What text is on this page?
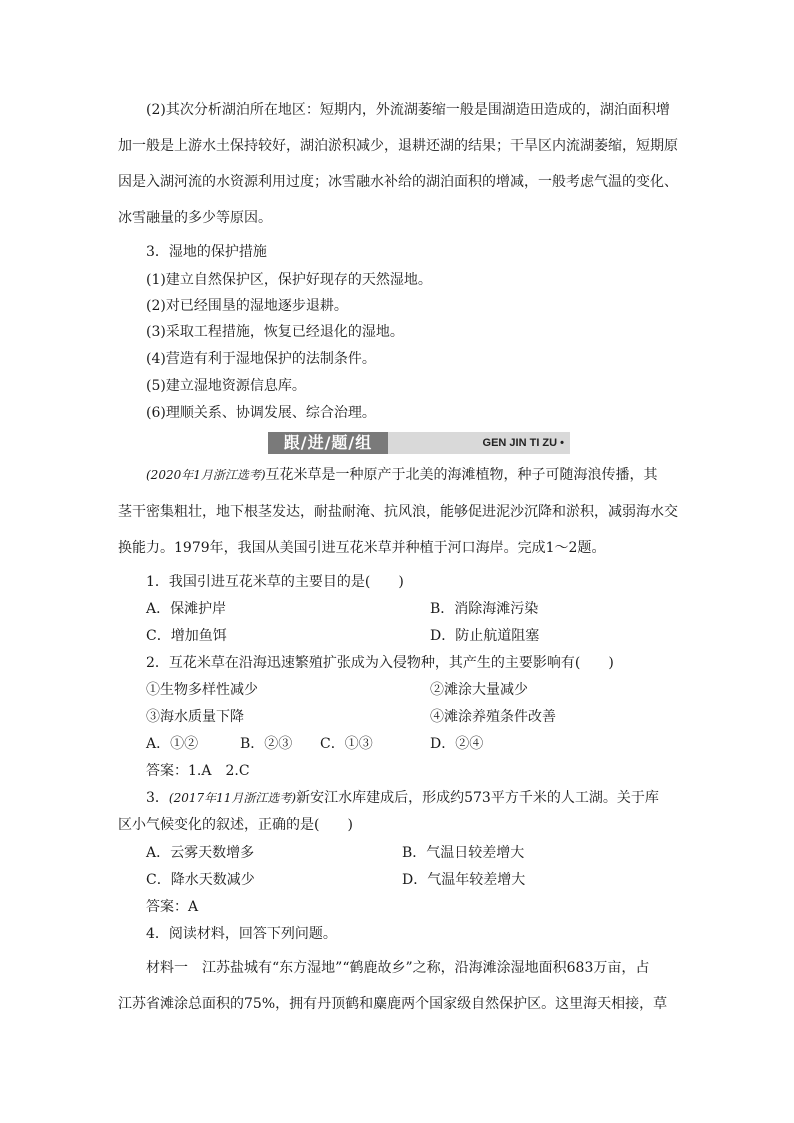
(2)其次分析湖泊所在地区：短期内，外流湖萎缩一般是围湖造田造成的，湖泊面积增
加一般是上游水土保持较好，湖泊淤积减少，退耕还湖的结果；干旱区内流湖萎缩，短期原
因是入湖河流的水资源利用过度；冰雪融水补给的湖泊面积的增减，一般考虑气温的变化、
冰雪融量的多少等原因。
3．湿地的保护措施
(1)建立自然保护区，保护好现存的天然湿地。
(2)对已经围垦的湿地逐步退耕。
(3)采取工程措施，恢复已经退化的湿地。
(4)营造有利于湿地保护的法制条件。
(5)建立湿地资源信息库。
(6)理顺关系、协调发展、综合治理。
跟/进/题/组	GEN JIN TI ZU •
(2020年1月浙江选考)互花米草是一种原产于北美的海滩植物，种子可随海浪传播，其
茎干密集粗壮，地下根茎发达，耐盐耐淹、抗风浪，能够促进泥沙沉降和淤积，减弱海水交
换能力。1979年，我国从美国引进互花米草并种植于河口海岸。完成1～2题。
1．我国引进互花米草的主要目的是(　　)
A．保滩护岸	B．消除海滩污染
C．增加鱼饵	D．防止航道阻塞
2．互花米草在沿海迅速繁殖扩张成为入侵物种，其产生的主要影响有(　　)
①生物多样性减少	②滩涂大量减少
③海水质量下降	④滩涂养殖条件改善
A．①②	B．②③ C．①③	D．②④
答案：1.A　2.C
3．(2017年11月浙江选考)新安江水库建成后，形成约573平方千米的人工湖。关于库
区小气候变化的叙述，正确的是(　　)
A．云雾天数增多	B．气温日较差增大
C．降水天数减少	D．气温年较差增大
答案：A
4．阅读材料，回答下列问题。
材料一　江苏盐城有“东方湿地”“鹤鹿故乡”之称，沿海滩涂湿地面积683万亩，占
江苏省滩涂总面积的75%，拥有丹顶鹤和麋鹿两个国家级自然保护区。这里海天相接，草
